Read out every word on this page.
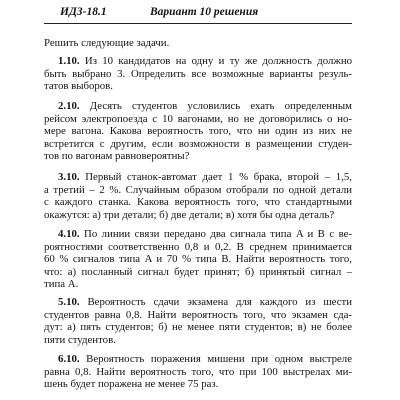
ИДЗ-18.1	Вариант 10 решения
Решить следующие задачи.
1.10. Из 10 кандидатов на одну и ту же должность должно
быть выбрано 3. Определить все возможные варианты резуль-
татов выборов.
2.10. Десять студентов условились ехать определенным
рейсом электропоезда с 10 вагонами, но не договорились о но-
мере вагона. Какова вероятность того, что ни один из них не
встретится с другим, если возможности в размещении студен-
тов по вагонам равновероятны?
3.10. Первый станок-автомат дает 1 % брака, второй – 1,5,
а третий – 2 %. Случайным образом отобрали по одной детали
с каждого станка. Какова вероятность того, что стандартными
окажутся: а) три детали; б) две детали; в) хотя бы одна деталь?
4.10. По линии связи передано два сигнала типа A и B с ве-
роятностями соответственно 0,8 и 0,2. В среднем принимается
60 % сигналов типа A и 70 % типа B. Найти вероятность того,
что: а) посланный сигнал будет принят; б) принятый сигнал –
типа A.
5.10. Вероятность сдачи экзамена для каждого из шести
студентов равна 0,8. Найти вероятность того, что экзамен сда-
дут: а) пять студентов; б) не менее пяти студентов; в) не более
пяти студентов.
6.10. Вероятность поражения мишени при одном выстреле
равна 0,8. Найти вероятность того, что при 100 выстрелах ми-
шень будет поражена не менее 75 раз.
